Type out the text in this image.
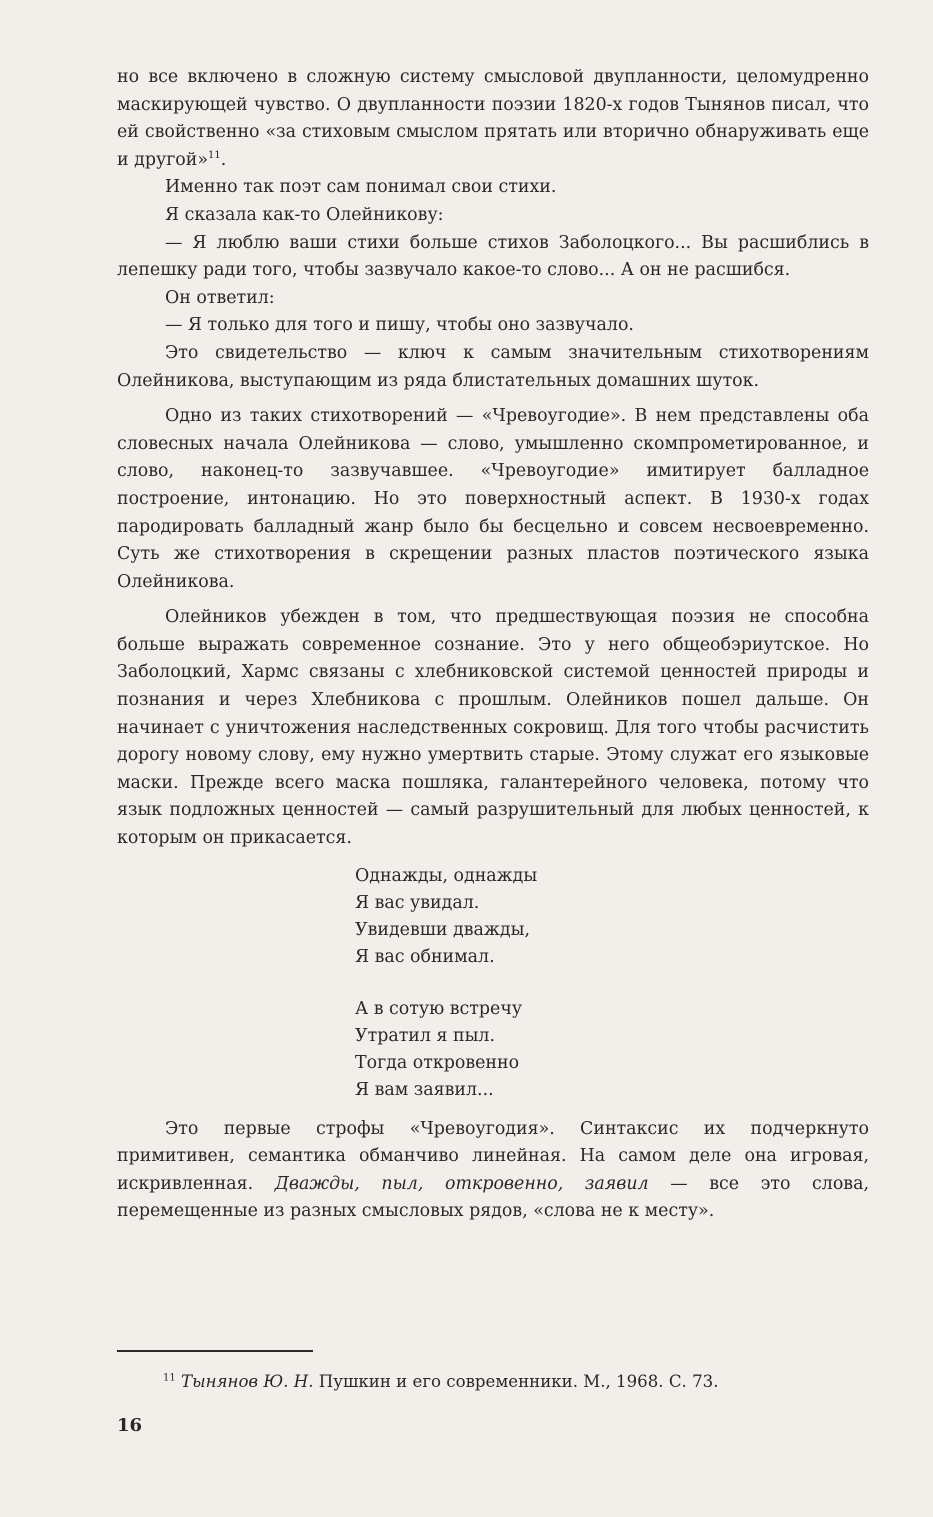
но все включено в сложную систему смысловой двупланности, целомудренно маскирующей чувство. О двупланности поэзии 1820-х годов Тынянов писал, что ей свойственно «за стиховым смыслом прятать или вторично обнаруживать еще и другой»$^{11}$.

Именно так поэт сам понимал свои стихи.

Я сказала как-то Олейникову:

— Я люблю ваши стихи больше стихов Заболоцкого... Вы расшиблись в лепешку ради того, чтобы зазвучало какое-то слово... А он не расшибся.

Он ответил:

— Я только для того и пишу, чтобы оно зазвучало.

Это свидетельство — ключ к самым значительным стихотворениям Олейникова, выступающим из ряда блистательных домашних шуток.

Одно из таких стихотворений — «Чревоугодие». В нем представлены оба словесных начала Олейникова — слово, умышленно скомпрометированное, и слово, наконец-то зазвучавшее. «Чревоугодие» имитирует балладное построение, интонацию. Но это поверхностный аспект. В 1930-х годах пародировать балладный жанр было бы бесцельно и совсем несвоевременно. Суть же стихотворения в скрещении разных пластов поэтического языка Олейникова.

Олейников убежден в том, что предшествующая поэзия не способна больше выражать современное сознание. Это у него общеобэриутское. Но Заболоцкий, Хармс связаны с хлебниковской системой ценностей природы и познания и через Хлебникова с прошлым. Олейников пошел дальше. Он начинает с уничтожения наследственных сокровищ. Для того чтобы расчистить дорогу новому слову, ему нужно умертвить старые. Этому служат его языковые маски. Прежде всего маска пошляка, галантерейного человека, потому что язык подложных ценностей — самый разрушительный для любых ценностей, к которым он прикасается.

Однажды, однажды
Я вас увидал.
Увидевши дважды,
Я вас обнимал.
А в сотую встречу
Утратил я пыл.
Тогда откровенно
Я вам заявил...

Это первые строфы «Чревоугодия». Синтаксис их подчеркнуто примитивен, семантика обманчиво линейная. На самом деле она игровая, искривленная. Дважды, пыл, откровенно, заявил — все это слова, перемещенные из разных смысловых рядов, «слова не к месту».

$^{11}$ Тынянов Ю. Н. Пушкин и его современники. М., 1968. С. 73.
16
